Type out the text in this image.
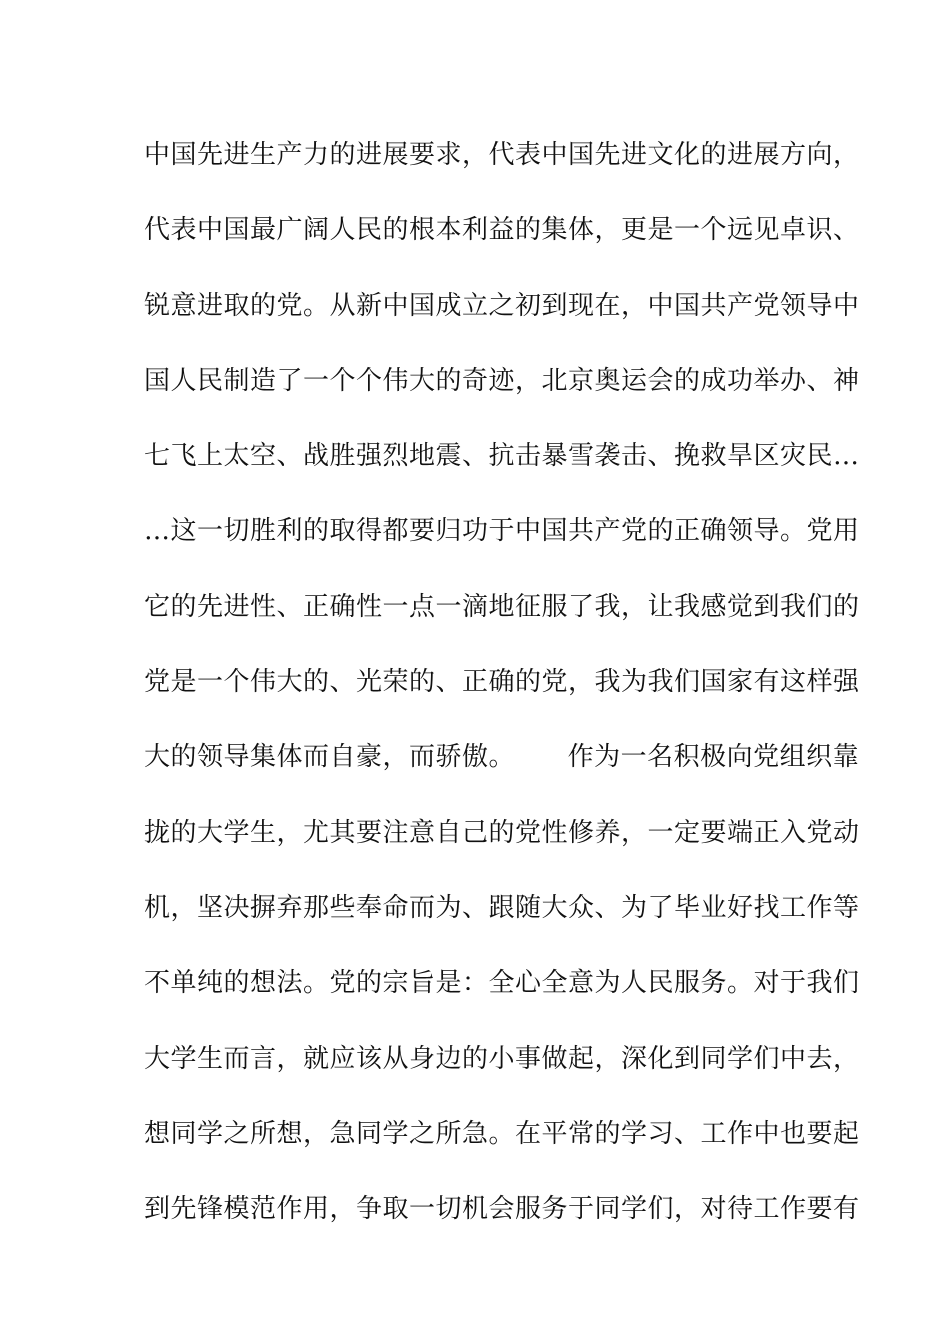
中国先进生产力的进展要求，代表中国先进文化的进展方向，
代表中国最广阔人民的根本利益的集体，更是一个远见卓识、
锐意进取的党。从新中国成立之初到现在，中国共产党领导中
国人民制造了一个个伟大的奇迹，北京奥运会的成功举办、神
七飞上太空、战胜强烈地震、抗击暴雪袭击、挽救旱区灾民…
…这一切胜利的取得都要归功于中国共产党的正确领导。党用
它的先进性、正确性一点一滴地征服了我，让我感觉到我们的
党是一个伟大的、光荣的、正确的党，我为我们国家有这样强
大的领导集体而自豪，而骄傲。      作为一名积极向党组织靠
拢的大学生，尤其要注意自己的党性修养，一定要端正入党动
机，坚决摒弃那些奉命而为、跟随大众、为了毕业好找工作等
不单纯的想法。党的宗旨是：全心全意为人民服务。对于我们
大学生而言，就应该从身边的小事做起，深化到同学们中去，
想同学之所想，急同学之所急。在平常的学习、工作中也要起
到先锋模范作用，争取一切机会服务于同学们，对待工作要有
